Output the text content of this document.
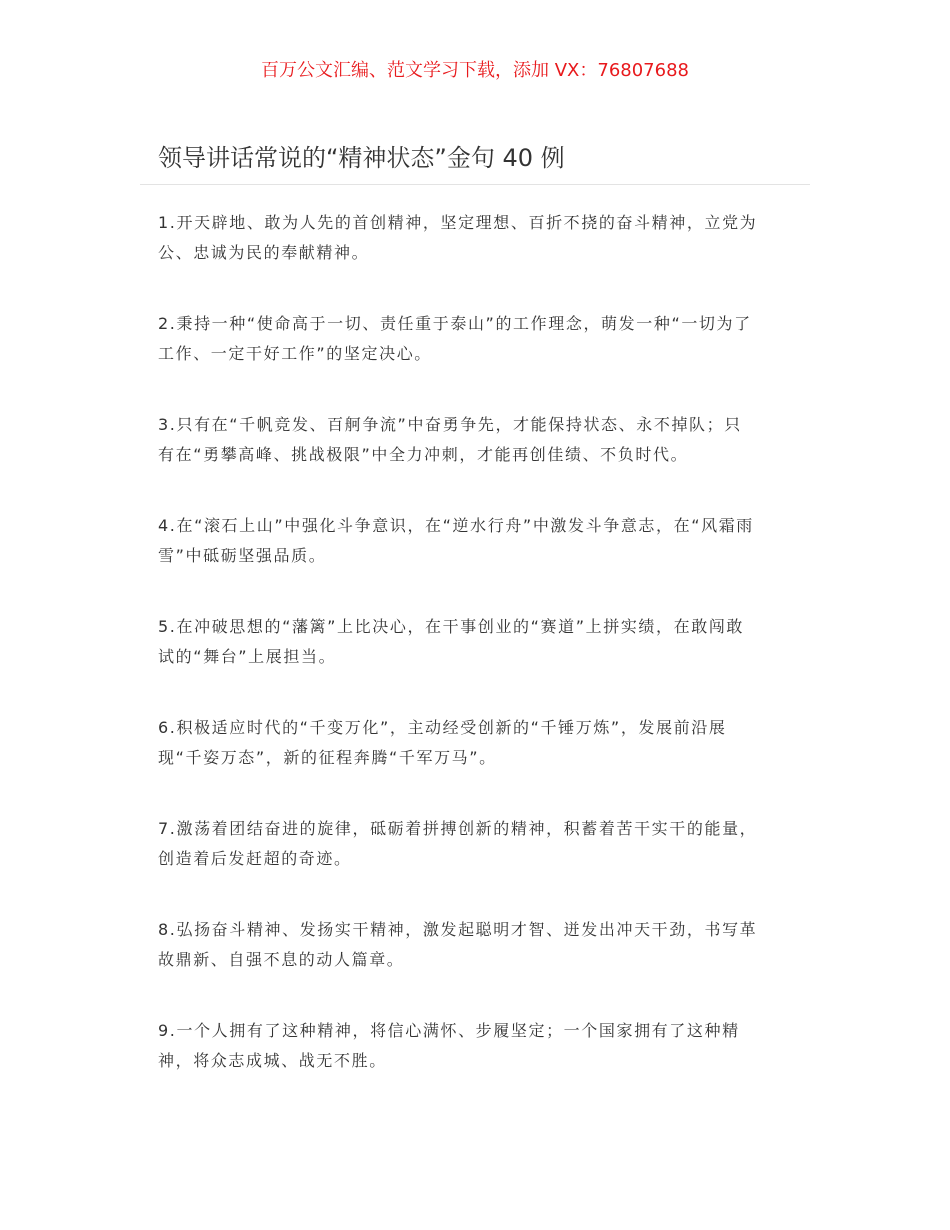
百万公文汇编、范文学习下载，添加 VX：76807688
领导讲话常说的“精神状态”金句 40 例
1.开天辟地、敢为人先的首创精神，坚定理想、百折不挠的奋斗精神，立党为
公、忠诚为民的奉献精神。
2.秉持一种“使命高于一切、责任重于泰山”的工作理念，萌发一种“一切为了
工作、一定干好工作”的坚定决心。
3.只有在“千帆竞发、百舸争流”中奋勇争先，才能保持状态、永不掉队；只
有在“勇攀高峰、挑战极限”中全力冲刺，才能再创佳绩、不负时代。
4.在“滚石上山”中强化斗争意识，在“逆水行舟”中激发斗争意志，在“风霜雨
雪”中砥砺坚强品质。
5.在冲破思想的“藩篱”上比决心，在干事创业的“赛道”上拼实绩，在敢闯敢
试的“舞台”上展担当。
6.积极适应时代的“千变万化”，主动经受创新的“千锤万炼”，发展前沿展
现“千姿万态”，新的征程奔腾“千军万马”。
7.激荡着团结奋进的旋律，砥砺着拼搏创新的精神，积蓄着苦干实干的能量，
创造着后发赶超的奇迹。
8.弘扬奋斗精神、发扬实干精神，激发起聪明才智、迸发出冲天干劲，书写革
故鼎新、自强不息的动人篇章。
9.一个人拥有了这种精神，将信心满怀、步履坚定；一个国家拥有了这种精
神，将众志成城、战无不胜。
